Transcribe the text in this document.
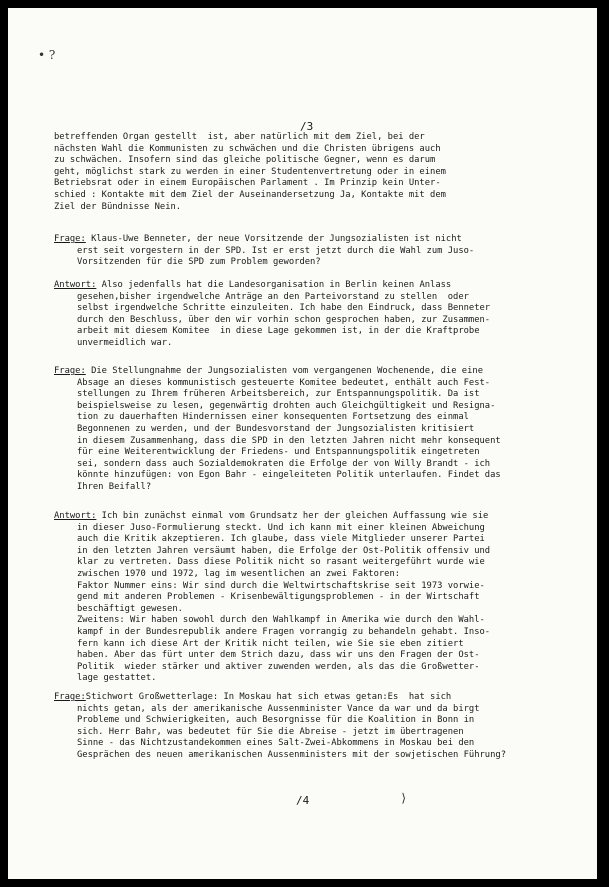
• ?
/3
betreffenden Organ gestellt  ist, aber natürlich mit dem Ziel, bei der
nächsten Wahl die Kommunisten zu schwächen und die Christen übrigens auch
zu schwächen. Insofern sind das gleiche politische Gegner, wenn es darum
geht, möglichst stark zu werden in einer Studentenvertretung oder in einem
Betriebsrat oder in einem Europäischen Parlament . Im Prinzip kein Unter-
schied : Kontakte mit dem Ziel der Auseinandersetzung Ja, Kontakte mit dem
Ziel der Bündnisse Nein.
Frage: Klaus-Uwe Benneter, der neue Vorsitzende der Jungsozialisten ist nicht
erst seit vorgestern in der SPD. Ist er erst jetzt durch die Wahl zum Juso-
Vorsitzenden für die SPD zum Problem geworden?
Antwort: Also jedenfalls hat die Landesorganisation in Berlin keinen Anlass
gesehen,bisher irgendwelche Anträge an den Parteivorstand zu stellen  oder
selbst irgendwelche Schritte einzuleiten. Ich habe den Eindruck, dass Benneter
durch den Beschluss, über den wir vorhin schon gesprochen haben, zur Zusammen-
arbeit mit diesem Komitee  in diese Lage gekommen ist, in der die Kraftprobe
unvermeidlich war.
Frage: Die Stellungnahme der Jungsozialisten vom vergangenen Wochenende, die eine
Absage an dieses kommunistisch gesteuerte Komitee bedeutet, enthält auch Fest-
stellungen zu Ihrem früheren Arbeitsbereich, zur Entspannungspolitik. Da ist
beispielsweise zu lesen, gegenwärtig drohten auch Gleichgültigkeit und Resigna-
tion zu dauerhaften Hindernissen einer konsequenten Fortsetzung des einmal
Begonnenen zu werden, und der Bundesvorstand der Jungsozialisten kritisiert
in diesem Zusammenhang, dass die SPD in den letzten Jahren nicht mehr konsequent
für eine Weiterentwicklung der Friedens- und Entspannungspolitik eingetreten
sei, sondern dass auch Sozialdemokraten die Erfolge der von Willy Brandt - ich
könnte hinzufügen: von Egon Bahr - eingeleiteten Politik unterlaufen. Findet das
Ihren Beifall?
Antwort: Ich bin zunächst einmal vom Grundsatz her der gleichen Auffassung wie sie
in dieser Juso-Formulierung steckt. Und ich kann mit einer kleinen Abweichung
auch die Kritik akzeptieren. Ich glaube, dass viele Mitglieder unserer Partei
in den letzten Jahren versäumt haben, die Erfolge der Ost-Politik offensiv und
klar zu vertreten. Dass diese Politik nicht so rasant weitergeführt wurde wie
zwischen 1970 und 1972, lag im wesentlichen an zwei Faktoren:
Faktor Nummer eins: Wir sind durch die Weltwirtschaftskrise seit 1973 vorwie-
gend mit anderen Problemen - Krisenbewältigungsproblemen - in der Wirtschaft
beschäftigt gewesen.
Zweitens: Wir haben sowohl durch den Wahlkampf in Amerika wie durch den Wahl-
kampf in der Bundesrepublik andere Fragen vorrangig zu behandeln gehabt. Inso-
fern kann ich diese Art der Kritik nicht teilen, wie Sie sie eben zitiert
haben. Aber das fürt unter dem Strich dazu, dass wir uns den Fragen der Ost-
Politik  wieder stärker und aktiver zuwenden werden, als das die Großwetter-
lage gestattet.
Frage:Stichwort Großwetterlage: In Moskau hat sich etwas getan:Es  hat sich
nichts getan, als der amerikanische Aussenminister Vance da war und da birgt
Probleme und Schwierigkeiten, auch Besorgnisse für die Koalition in Bonn in
sich. Herr Bahr, was bedeutet für Sie die Abreise - jetzt im übertragenen
Sinne - das Nichtzustandekommen eines Salt-Zwei-Abkommens in Moskau bei den
Gesprächen des neuen amerikanischen Aussenministers mit der sowjetischen Führung?
/4	⟩
